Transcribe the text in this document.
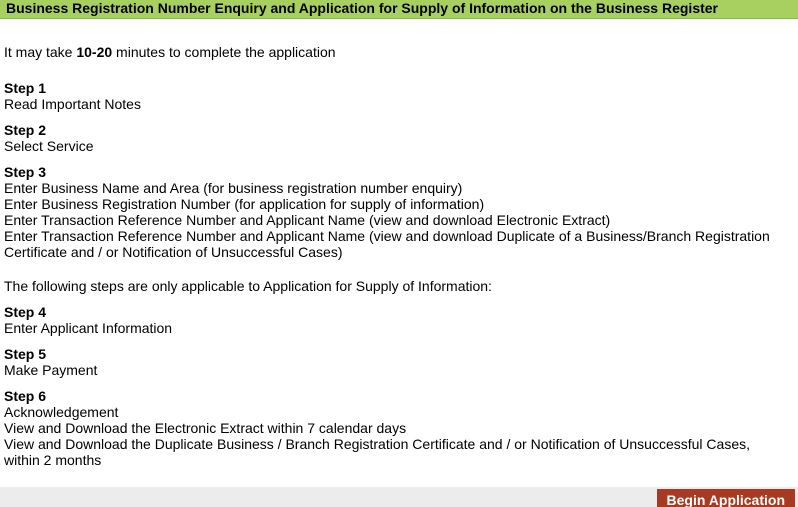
Business Registration Number Enquiry and Application for Supply of Information on the Business Register
It may take 10-20 minutes to complete the application
Step 1
Read Important Notes
Step 2
Select Service
Step 3
Enter Business Name and Area (for business registration number enquiry)
Enter Business Registration Number (for application for supply of information)
Enter Transaction Reference Number and Applicant Name (view and download Electronic Extract)
Enter Transaction Reference Number and Applicant Name (view and download Duplicate of a Business/Branch Registration Certificate and / or Notification of Unsuccessful Cases)
The following steps are only applicable to Application for Supply of Information:
Step 4
Enter Applicant Information
Step 5
Make Payment
Step 6
Acknowledgement
View and Download the Electronic Extract within 7 calendar days
View and Download the Duplicate Business / Branch Registration Certificate and / or Notification of Unsuccessful Cases, within 2 months
Begin Application
